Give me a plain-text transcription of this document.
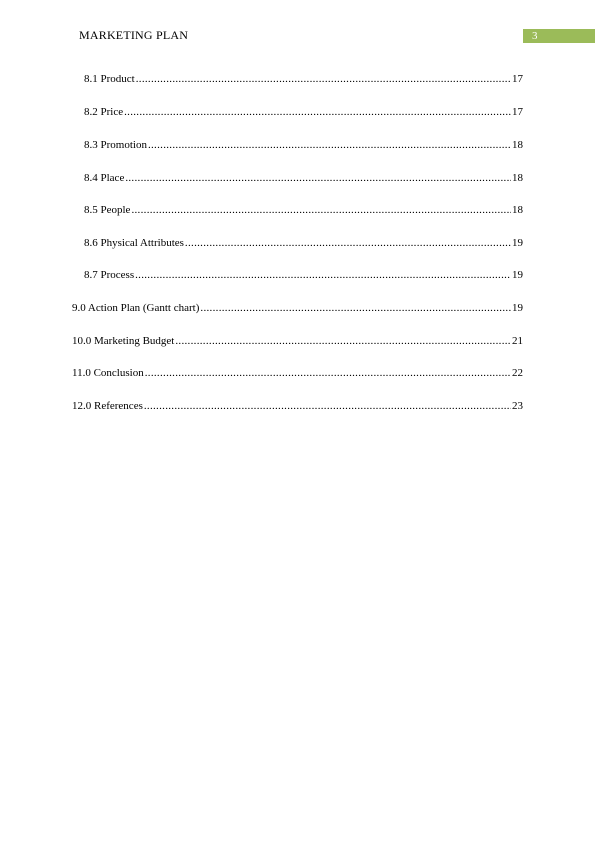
MARKETING PLAN	3
8.1 Product .....	17
8.2 Price .....	17
8.3 Promotion .....	18
8.4 Place .....	18
8.5 People .....	18
8.6 Physical Attributes .....	19
8.7 Process .....	19
9.0 Action Plan (Gantt chart) .....	19
10.0 Marketing Budget .....	21
11.0 Conclusion .....	22
12.0 References .....	23
